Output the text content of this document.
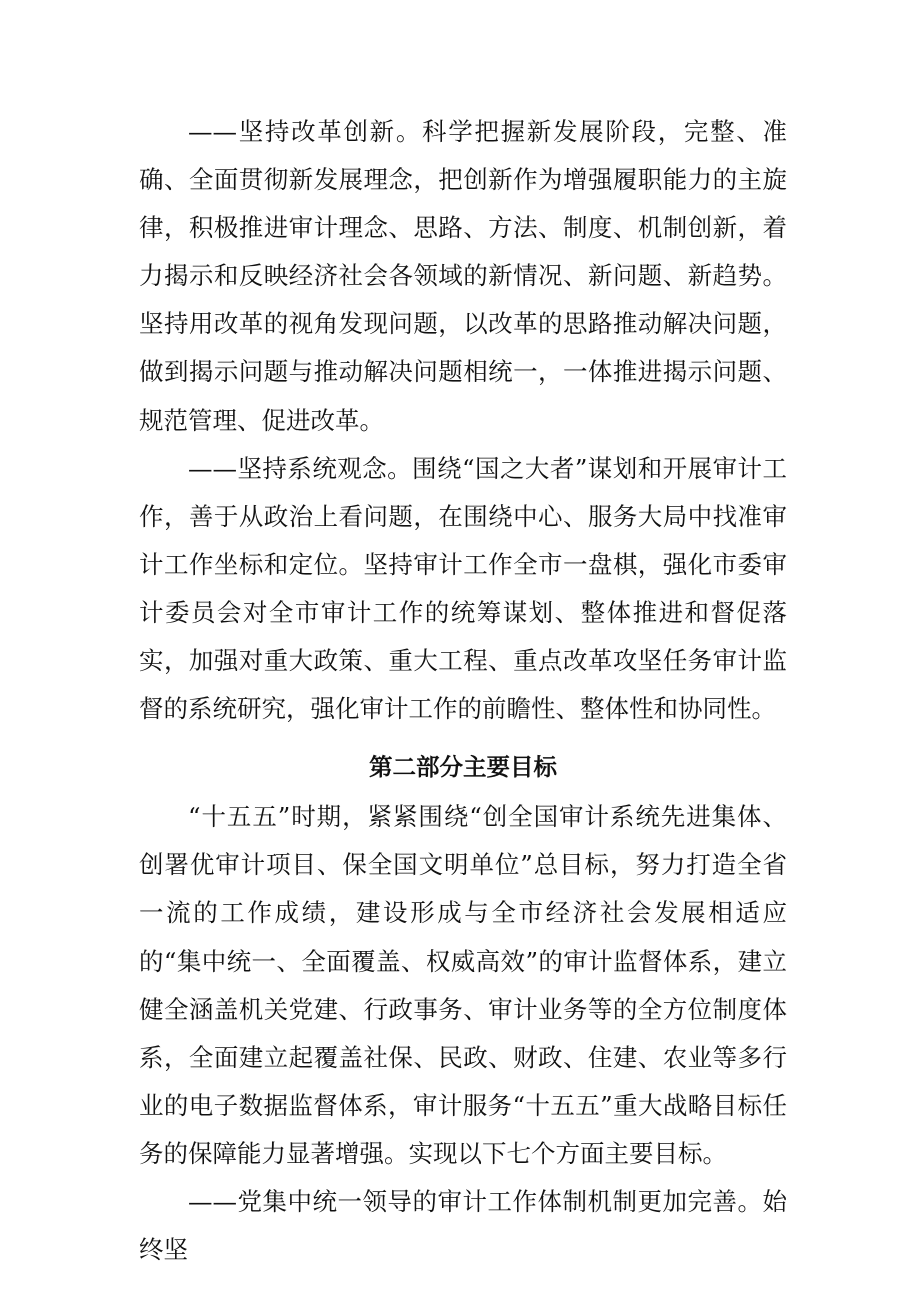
——坚持改革创新。科学把握新发展阶段，完整、准确、全面贯彻新发展理念，把创新作为增强履职能力的主旋律，积极推进审计理念、思路、方法、制度、机制创新，着力揭示和反映经济社会各领域的新情况、新问题、新趋势。坚持用改革的视角发现问题，以改革的思路推动解决问题，做到揭示问题与推动解决问题相统一，一体推进揭示问题、规范管理、促进改革。

——坚持系统观念。围绕“国之大者”谋划和开展审计工作，善于从政治上看问题，在围绕中心、服务大局中找准审计工作坐标和定位。坚持审计工作全市一盘棋，强化市委审计委员会对全市审计工作的统筹谋划、整体推进和督促落实，加强对重大政策、重大工程、重点改革攻坚任务审计监督的系统研究，强化审计工作的前瞻性、整体性和协同性。

第二部分主要目标

“十五五”时期，紧紧围绕“创全国审计系统先进集体、创署优审计项目、保全国文明单位”总目标，努力打造全省一流的工作成绩，建设形成与全市经济社会发展相适应的“集中统一、全面覆盖、权威高效”的审计监督体系，建立健全涵盖机关党建、行政事务、审计业务等的全方位制度体系，全面建立起覆盖社保、民政、财政、住建、农业等多行业的电子数据监督体系，审计服务“十五五”重大战略目标任务的保障能力显著增强。实现以下七个方面主要目标。

——党集中统一领导的审计工作体制机制更加完善。始终坚
